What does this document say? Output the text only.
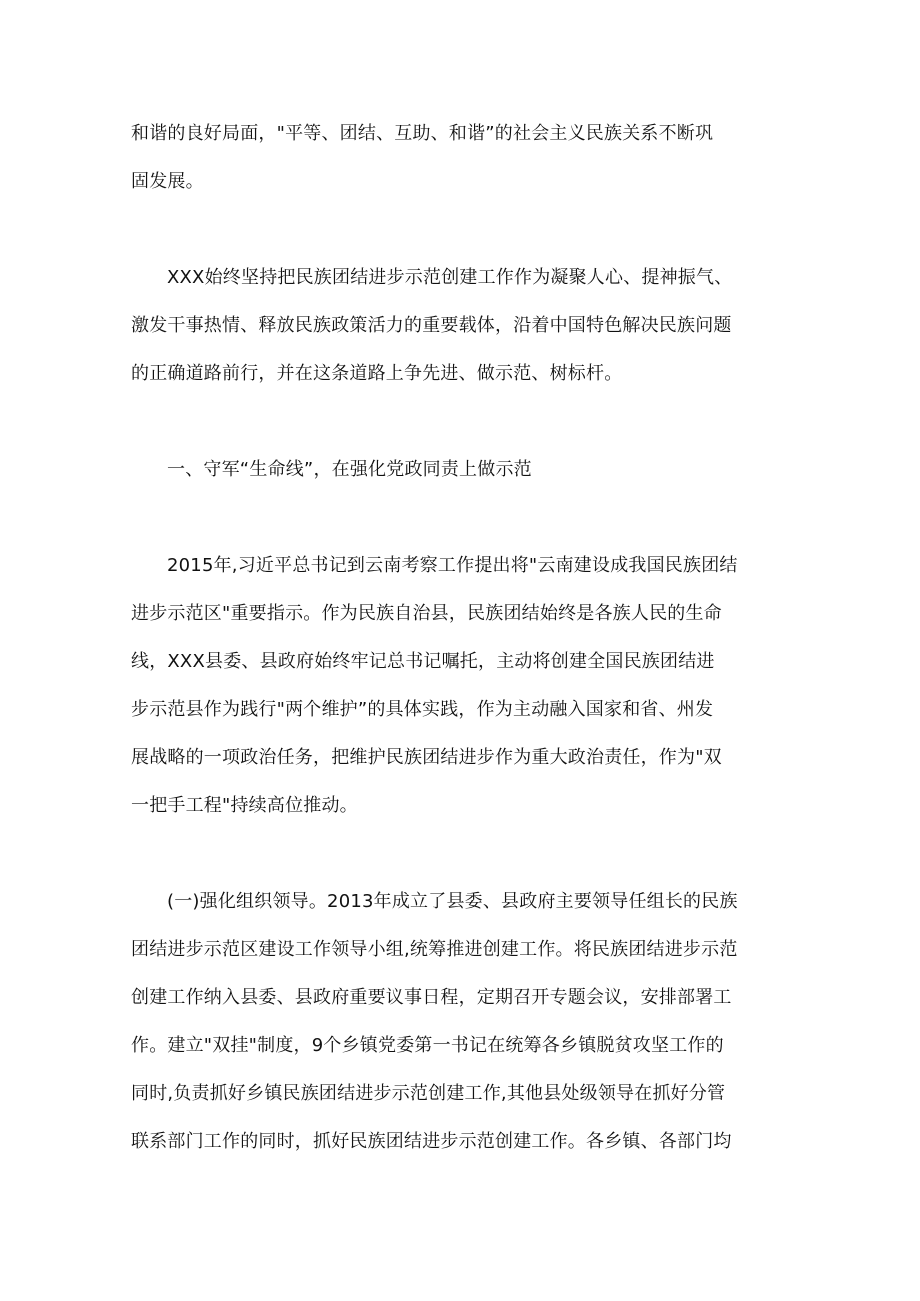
和谐的良好局面，"平等、团结、互助、和谐”的社会主义民族关系不断巩
固发展。
XXX始终坚持把民族团结进步示范创建工作作为凝聚人心、提神振气、
激发干事热情、释放民族政策活力的重要载体，沿着中国特色解决民族问题
的正确道路前行，并在这条道路上争先进、做示范、树标杆。
一、守军“生命线”，在强化党政同责上做示范
2015年,习近平总书记到云南考察工作提出将"云南建设成我国民族团结
进步示范区"重要指示。作为民族自治县，民族团结始终是各族人民的生命
线，XXX县委、县政府始终牢记总书记嘱托，主动将创建全国民族团结进
步示范县作为践行"两个维护”的具体实践，作为主动融入国家和省、州发
展战略的一项政治任务，把维护民族团结进步作为重大政治责任，作为"双
一把手工程"持续高位推动。
(一)强化组织领导。2013年成立了县委、县政府主要领导任组长的民族
团结进步示范区建设工作领导小组,统筹推进创建工作。将民族团结进步示范
创建工作纳入县委、县政府重要议事日程，定期召开专题会议，安排部署工
作。建立"双挂"制度，9个乡镇党委第一书记在统筹各乡镇脱贫攻坚工作的
同时,负责抓好乡镇民族团结进步示范创建工作,其他县处级领导在抓好分管
联系部门工作的同时，抓好民族团结进步示范创建工作。各乡镇、各部门均
